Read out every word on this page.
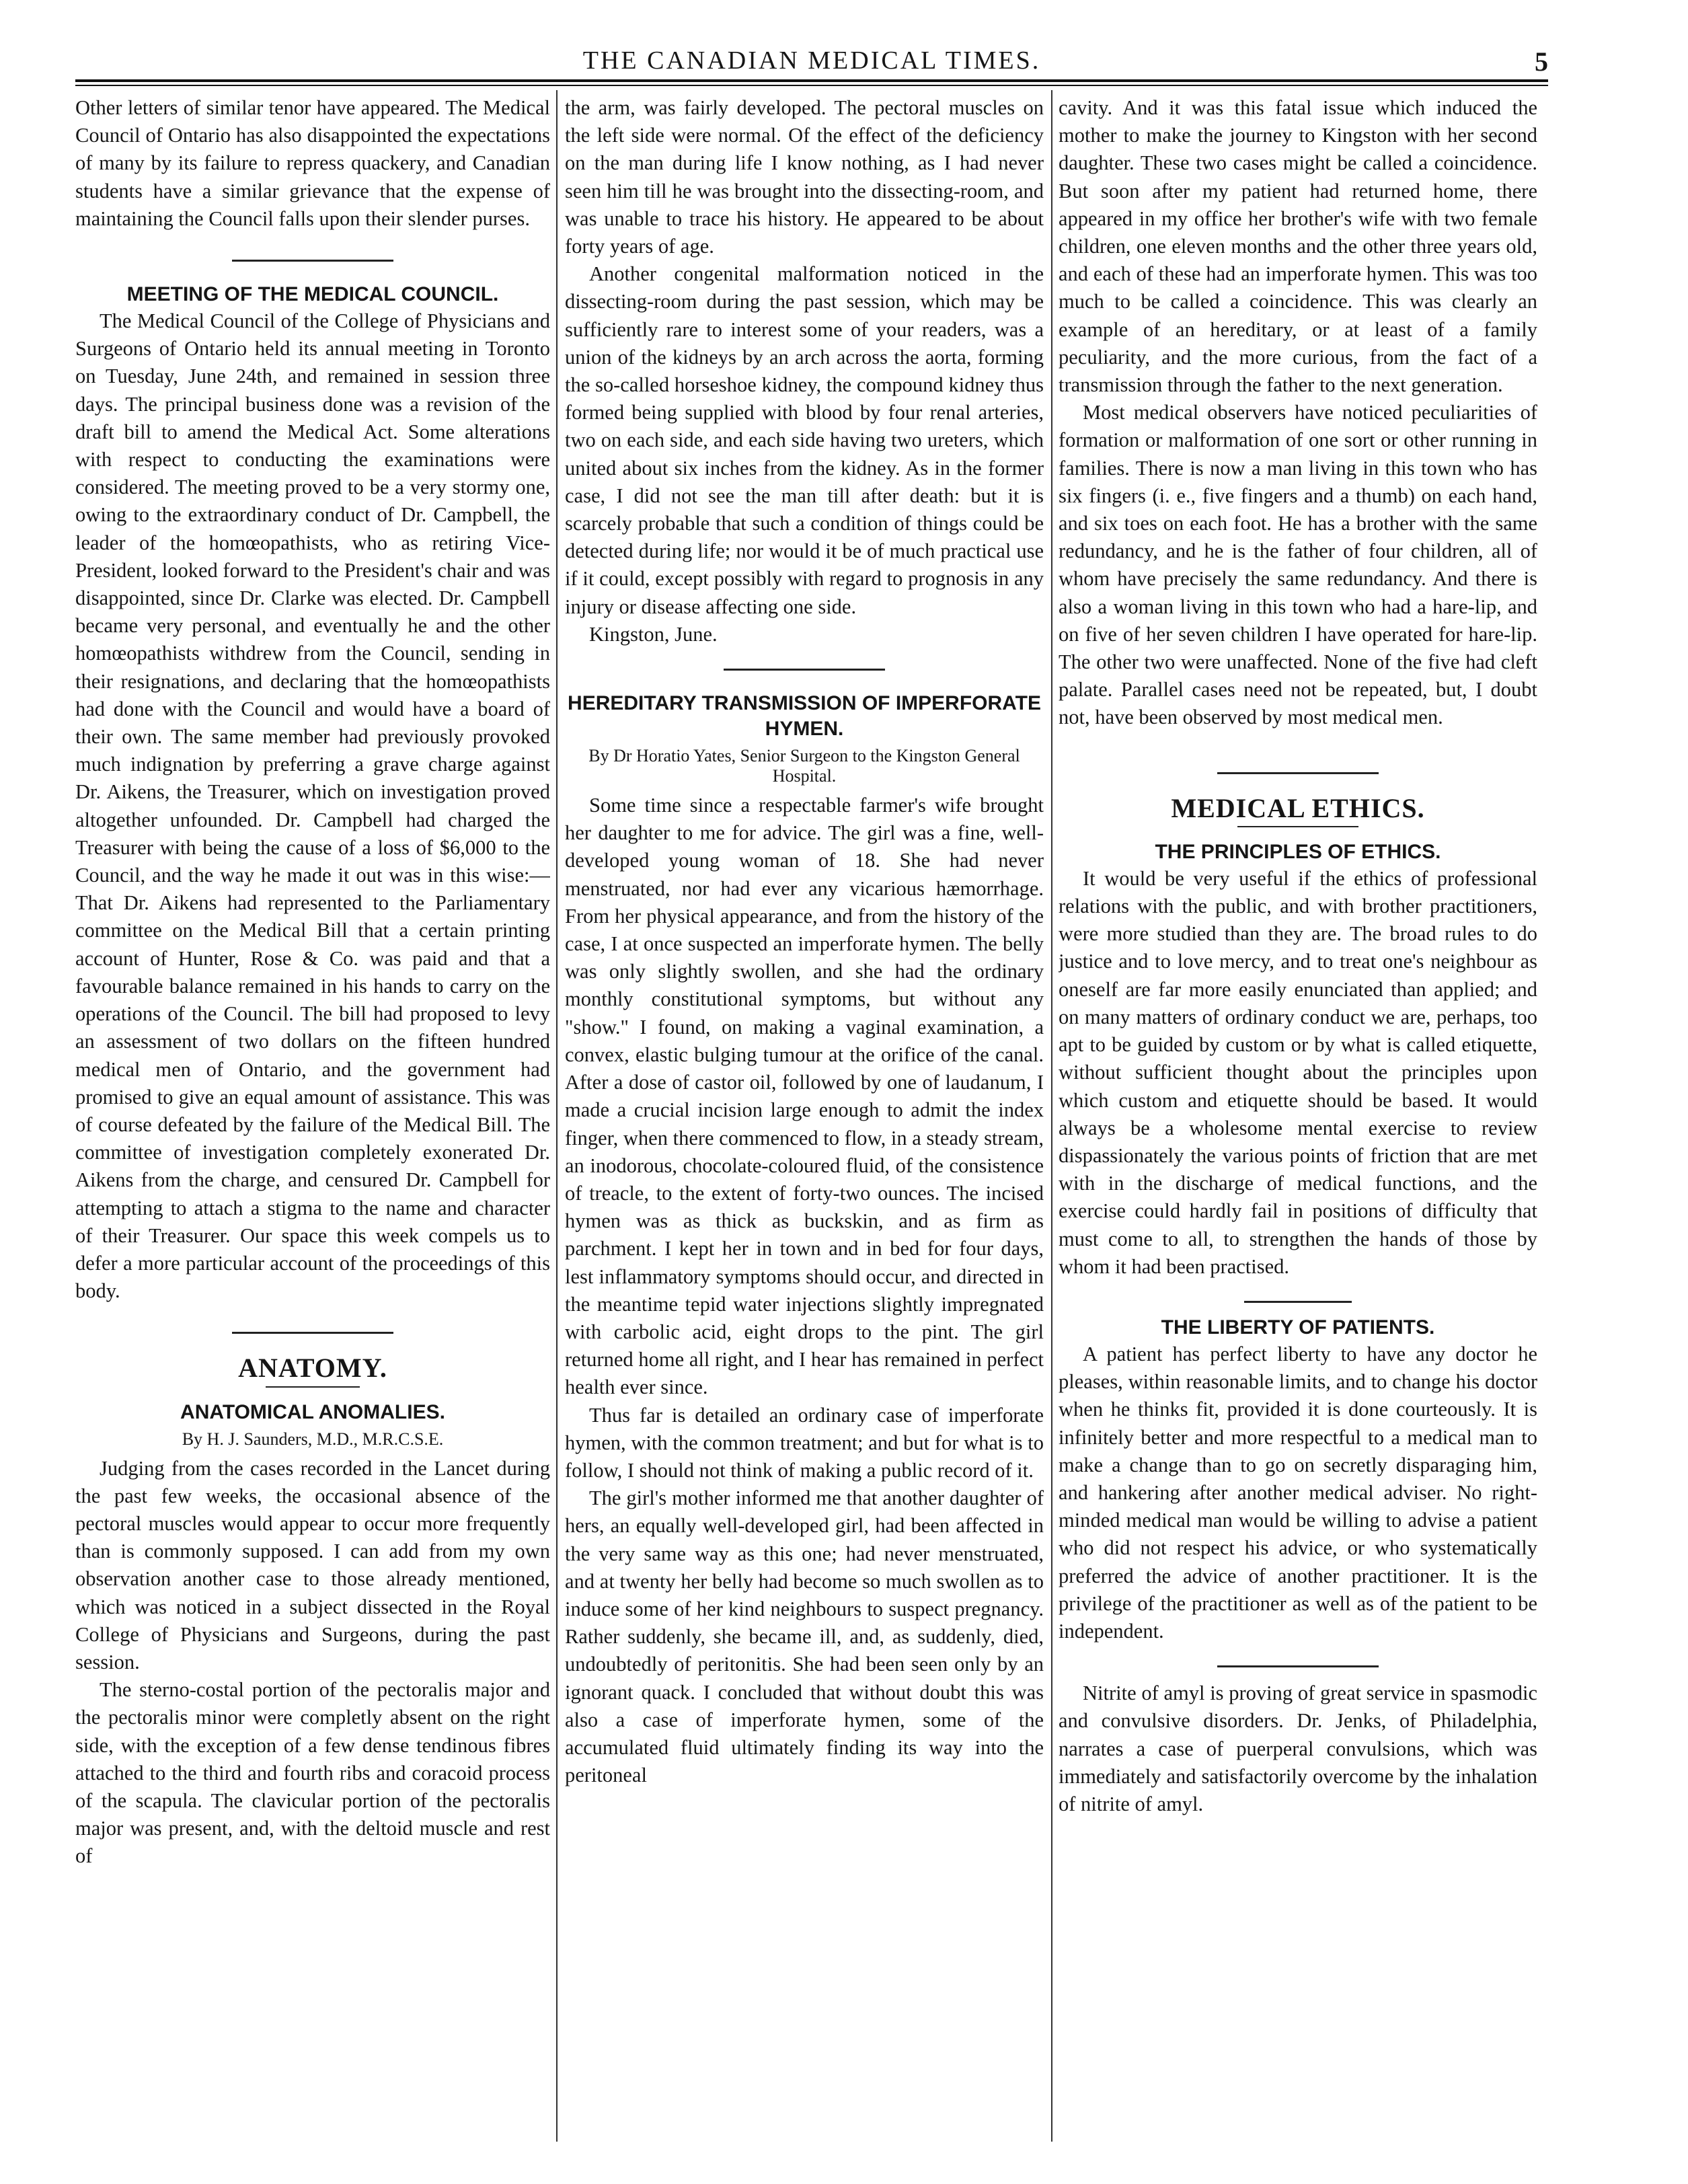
THE CANADIAN MEDICAL TIMES.	5

Other letters of similar tenor have appeared. The Medical Council of Ontario has also disappointed the expectations of many by its failure to repress quackery, and Canadian students have a similar grievance that the expense of maintaining the Council falls upon their slender purses.

MEETING OF THE MEDICAL COUNCIL.

The Medical Council of the College of Physicians and Surgeons of Ontario held its annual meeting in Toronto on Tuesday, June 24th, and remained in session three days. The principal business done was a revision of the draft bill to amend the Medical Act. Some alterations with respect to conducting the examinations were considered. The meeting proved to be a very stormy one, owing to the extraordinary conduct of Dr. Campbell, the leader of the homœopathists, who as retiring Vice-President, looked forward to the President's chair and was disappointed, since Dr. Clarke was elected. Dr. Campbell became very personal, and eventually he and the other homœopathists withdrew from the Council, sending in their resignations, and declaring that the homœopathists had done with the Council and would have a board of their own. The same member had previously provoked much indignation by preferring a grave charge against Dr. Aikens, the Treasurer, which on investigation proved altogether unfounded. Dr. Campbell had charged the Treasurer with being the cause of a loss of $6,000 to the Council, and the way he made it out was in this wise:—That Dr. Aikens had represented to the Parliamentary committee on the Medical Bill that a certain printing account of Hunter, Rose & Co. was paid and that a favourable balance remained in his hands to carry on the operations of the Council. The bill had proposed to levy an assessment of two dollars on the fifteen hundred medical men of Ontario, and the government had promised to give an equal amount of assistance. This was of course defeated by the failure of the Medical Bill. The committee of investigation completely exonerated Dr. Aikens from the charge, and censured Dr. Campbell for attempting to attach a stigma to the name and character of their Treasurer. Our space this week compels us to defer a more particular account of the proceedings of this body.

ANATOMY.
ANATOMICAL ANOMALIES.
By H. J. Saunders, M.D., M.R.C.S.E.

Judging from the cases recorded in the Lancet during the past few weeks, the occasional absence of the pectoral muscles would appear to occur more frequently than is commonly supposed. I can add from my own observation another case to those already mentioned, which was noticed in a subject dissected in the Royal College of Physicians and Surgeons, during the past session.

The sterno-costal portion of the pectoralis major and the pectoralis minor were completly absent on the right side, with the exception of a few dense tendinous fibres attached to the third and fourth ribs and coracoid process of the scapula. The clavicular portion of the pectoralis major was present, and, with the deltoid muscle and rest of

the arm, was fairly developed. The pectoral muscles on the left side were normal. Of the effect of the deficiency on the man during life I know nothing, as I had never seen him till he was brought into the dissecting-room, and was unable to trace his history. He appeared to be about forty years of age.

Another congenital malformation noticed in the dissecting-room during the past session, which may be sufficiently rare to interest some of your readers, was a union of the kidneys by an arch across the aorta, forming the so-called horseshoe kidney, the compound kidney thus formed being supplied with blood by four renal arteries, two on each side, and each side having two ureters, which united about six inches from the kidney. As in the former case, I did not see the man till after death: but it is scarcely probable that such a condition of things could be detected during life; nor would it be of much practical use if it could, except possibly with regard to prognosis in any injury or disease affecting one side.

Kingston, June.

HEREDITARY TRANSMISSION OF IMPERFORATE HYMEN.
By Dr Horatio Yates, Senior Surgeon to the Kingston General Hospital.

Some time since a respectable farmer's wife brought her daughter to me for advice. The girl was a fine, well-developed young woman of 18. She had never menstruated, nor had ever any vicarious hæmorrhage. From her physical appearance, and from the history of the case, I at once suspected an imperforate hymen. The belly was only slightly swollen, and she had the ordinary monthly constitutional symptoms, but without any "show." I found, on making a vaginal examination, a convex, elastic bulging tumour at the orifice of the canal. After a dose of castor oil, followed by one of laudanum, I made a crucial incision large enough to admit the index finger, when there commenced to flow, in a steady stream, an inodorous, chocolate-coloured fluid, of the consistence of treacle, to the extent of forty-two ounces. The incised hymen was as thick as buckskin, and as firm as parchment. I kept her in town and in bed for four days, lest inflammatory symptoms should occur, and directed in the meantime tepid water injections slightly impregnated with carbolic acid, eight drops to the pint. The girl returned home all right, and I hear has remained in perfect health ever since.

Thus far is detailed an ordinary case of imperforate hymen, with the common treatment; and but for what is to follow, I should not think of making a public record of it.

The girl's mother informed me that another daughter of hers, an equally well-developed girl, had been affected in the very same way as this one; had never menstruated, and at twenty her belly had become so much swollen as to induce some of her kind neighbours to suspect pregnancy. Rather suddenly, she became ill, and, as suddenly, died, undoubtedly of peritonitis. She had been seen only by an ignorant quack. I concluded that without doubt this was also a case of imperforate hymen, some of the accumulated fluid ultimately finding its way into the peritoneal

cavity. And it was this fatal issue which induced the mother to make the journey to Kingston with her second daughter. These two cases might be called a coincidence. But soon after my patient had returned home, there appeared in my office her brother's wife with two female children, one eleven months and the other three years old, and each of these had an imperforate hymen. This was too much to be called a coincidence. This was clearly an example of an hereditary, or at least of a family peculiarity, and the more curious, from the fact of a transmission through the father to the next generation.

Most medical observers have noticed peculiarities of formation or malformation of one sort or other running in families. There is now a man living in this town who has six fingers (i. e., five fingers and a thumb) on each hand, and six toes on each foot. He has a brother with the same redundancy, and he is the father of four children, all of whom have precisely the same redundancy. And there is also a woman living in this town who had a hare-lip, and on five of her seven children I have operated for hare-lip. The other two were unaffected. None of the five had cleft palate. Parallel cases need not be repeated, but, I doubt not, have been observed by most medical men.

MEDICAL ETHICS.
THE PRINCIPLES OF ETHICS.

It would be very useful if the ethics of professional relations with the public, and with brother practitioners, were more studied than they are. The broad rules to do justice and to love mercy, and to treat one's neighbour as oneself are far more easily enunciated than applied; and on many matters of ordinary conduct we are, perhaps, too apt to be guided by custom or by what is called etiquette, without sufficient thought about the principles upon which custom and etiquette should be based. It would always be a wholesome mental exercise to review dispassionately the various points of friction that are met with in the discharge of medical functions, and the exercise could hardly fail in positions of difficulty that must come to all, to strengthen the hands of those by whom it had been practised.

THE LIBERTY OF PATIENTS.

A patient has perfect liberty to have any doctor he pleases, within reasonable limits, and to change his doctor when he thinks fit, provided it is done courteously. It is infinitely better and more respectful to a medical man to make a change than to go on secretly disparaging him, and hankering after another medical adviser. No right-minded medical man would be willing to advise a patient who did not respect his advice, or who systematically preferred the advice of another practitioner. It is the privilege of the practitioner as well as of the patient to be independent.

Nitrite of amyl is proving of great service in spasmodic and convulsive disorders. Dr. Jenks, of Philadelphia, narrates a case of puerperal convulsions, which was immediately and satisfactorily overcome by the inhalation of nitrite of amyl.
